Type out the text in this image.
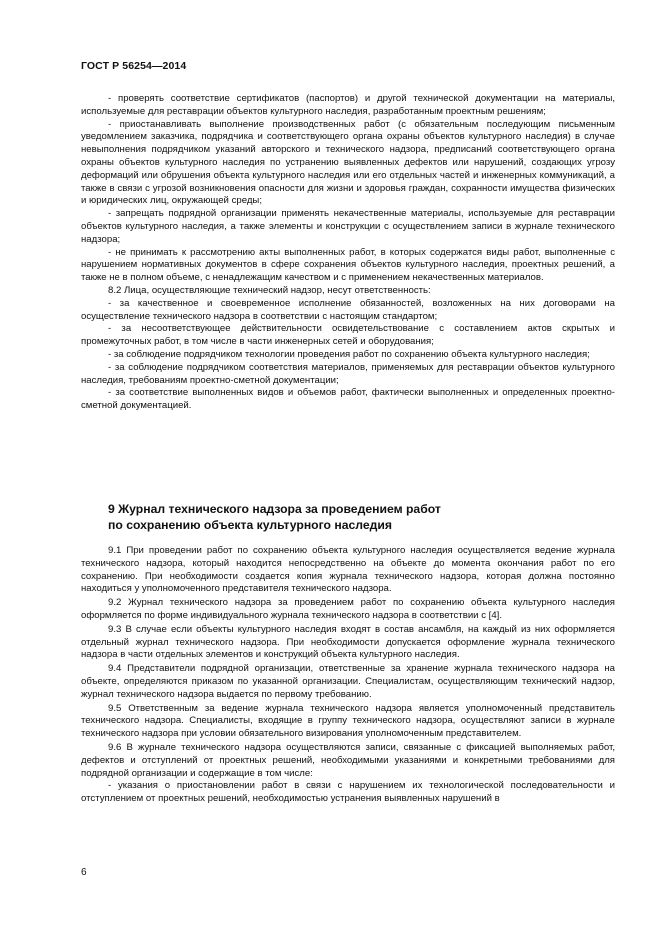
ГОСТ Р 56254—2014

- проверять соответствие сертификатов (паспортов) и другой технической документации на материалы, используемые для реставрации объектов культурного наследия, разработанным проектным решениям;

- приостанавливать выполнение производственных работ (с обязательным последующим письменным уведомлением заказчика, подрядчика и соответствующего органа охраны объектов культурного наследия) в случае невыполнения подрядчиком указаний авторского и технического надзора, предписаний соответствующего органа охраны объектов культурного наследия по устранению выявленных дефектов или нарушений, создающих угрозу деформаций или обрушения объекта культурного наследия или его отдельных частей и инженерных коммуникаций, а также в связи с угрозой возникновения опасности для жизни и здоровья граждан, сохранности имущества физических и юридических лиц, окружающей среды;

- запрещать подрядной организации применять некачественные материалы, используемые для реставрации объектов культурного наследия, а также элементы и конструкции с осуществлением записи в журнале технического надзора;

- не принимать к рассмотрению акты выполненных работ, в которых содержатся виды работ, выполненные с нарушением нормативных документов в сфере сохранения объектов культурного наследия, проектных решений, а также не в полном объеме, с ненадлежащим качеством и с применением некачественных материалов.

8.2 Лица, осуществляющие технический надзор, несут ответственность:

- за качественное и своевременное исполнение обязанностей, возложенных на них договорами на осуществление технического надзора в соответствии с настоящим стандартом;

- за несоответствующее действительности освидетельствование с составлением актов скрытых и промежуточных работ, в том числе в части инженерных сетей и оборудования;

- за соблюдение подрядчиком технологии проведения работ по сохранению объекта культурного наследия;

- за соблюдение подрядчиком соответствия материалов, применяемых для реставрации объектов культурного наследия, требованиям проектно-сметной документации;

- за соответствие выполненных видов и объемов работ, фактически выполненных и определенных проектно-сметной документацией.

9 Журнал технического надзора за проведением работ
по сохранению объекта культурного наследия

9.1 При проведении работ по сохранению объекта культурного наследия осуществляется ведение журнала технического надзора, который находится непосредственно на объекте до момента окончания работ по его сохранению. При необходимости создается копия журнала технического надзора, которая должна постоянно находиться у уполномоченного представителя технического надзора.

9.2 Журнал технического надзора за проведением работ по сохранению объекта культурного наследия оформляется по форме индивидуального журнала технического надзора в соответствии с [4].

9.3 В случае если объекты культурного наследия входят в состав ансамбля, на каждый из них оформляется отдельный журнал технического надзора. При необходимости допускается оформление журнала технического надзора в части отдельных элементов и конструкций объекта культурного наследия.

9.4 Представители подрядной организации, ответственные за хранение журнала технического надзора на объекте, определяются приказом по указанной организации. Специалистам, осуществляющим технический надзор, журнал технического надзора выдается по первому требованию.

9.5 Ответственным за ведение журнала технического надзора является уполномоченный представитель технического надзора. Специалисты, входящие в группу технического надзора, осуществляют записи в журнале технического надзора при условии обязательного визирования уполномоченным представителем.

9.6 В журнале технического надзора осуществляются записи, связанные с фиксацией выполняемых работ, дефектов и отступлений от проектных решений, необходимыми указаниями и конкретными требованиями для подрядной организации и содержащие в том числе:

- указания о приостановлении работ в связи с нарушением их технологической последовательности и отступлением от проектных решений, необходимостью устранения выявленных нарушений в

6
